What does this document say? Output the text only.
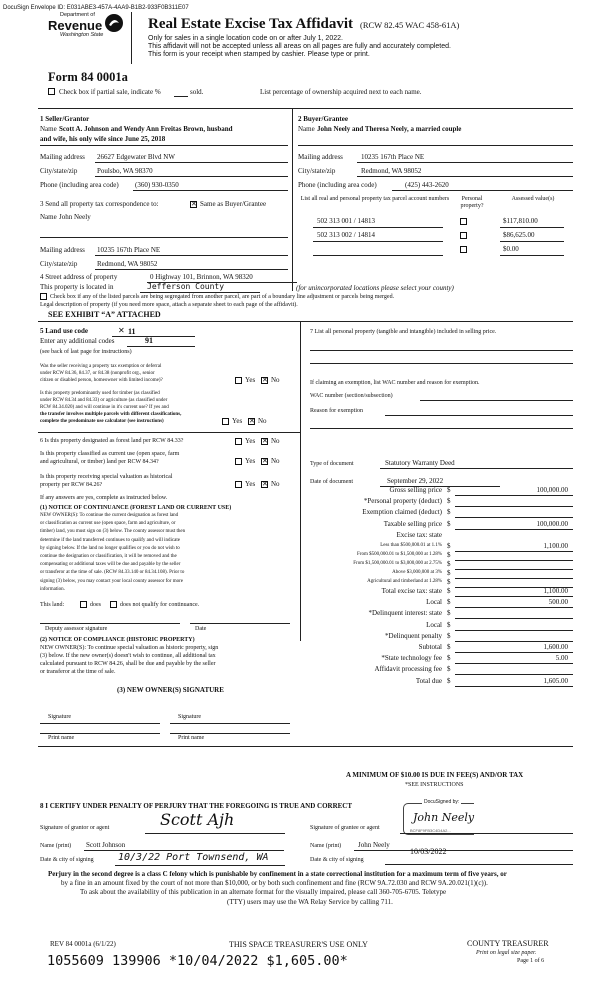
DocuSign Envelope ID: E031ABE3-457A-4AA9-B1B2-933F0B311E07
Department of
Revenue
Washington State
Real Estate Excise Tax Affidavit (RCW 82.45 WAC 458-61A)
Only for sales in a single location code on or after July 1, 2022.
This affidavit will not be accepted unless all areas on all pages are fully and accurately completed.
This form is your receipt when stamped by cashier. Please type or print.
Form 84 0001a
Check box if partial sale, indicate %	sold.	List percentage of ownership acquired next to each name.
1 Seller/Grantor
Name Scott A. Johnson and Wendy Ann Freitas Brown, husband
and wife, his only wife since June 25, 2018
Mailing address 26627 Edgewater Blvd NW
City/state/zip	Poulsbo, WA 98370
Phone (including area code) (360) 930-0350
2 Buyer/Grantee
Name John Neely and Theresa Neely, a married couple
Mailing address	10235 167th Place NE
City/state/zip	Redmond, WA 98052
Phone (including area code)	(425) 443-2620
3 Send all property tax correspondence to:	✕ Same as Buyer/Grantee
Name John Neely
Mailing address 10235 167th Place NE
City/state/zip	Redmond, WA 98052
List all real and personal property tax parcel account numbers	Personal property?
Assessed value(s)
502 313 001 / 14813	$117,810.00
502 313 002 / 14814	$86,625.00
$0.00
4 Street address of property	0 Highway 101, Brinnon, WA 98320
This property is located in	Jefferson County	(for unincorporated locations please select your county)
Check box if any of the listed parcels are being segregated from another parcel, are part of a boundary line adjustment or parcels being merged.
Legal description of property (if you need more space, attach a separate sheet to each page of the affidavit).
SEE EXHIBIT “A” ATTACHED
5 Land use code	✕ 11
Enter any additional codes	91
(see back of last page for instructions)
Was the seller receiving a property tax exemption or deferral
under RCW 84.36, 84.37, or 84.38 (nonprofit org., senior
citizen or disabled person, homeowner with limited income)?	Yes ✕ No
Is this property predominantly used for timber (as classified
under RCW 84.34 and 84.33) or agriculture (as classified under
RCW 84.34.020) and will continue in it's current use? If yes and
the transfer involves multiple parcels with different classifications,
complete the predominate use calculator (see instructions)	Yes ✕ No
6 Is this property designated as forest land per RCW 84.33?	Yes ✕ No
Is this property classified as current use (open space, farm
and agricultural, or timber) land per RCW 84.34?	Yes ✕ No
Is this property receiving special valuation as historical
property per RCW 84.26?	Yes ✕ No
If any answers are yes, complete as instructed below.
(1) NOTICE OF CONTINUANCE (FOREST LAND OR CURRENT USE)
NEW OWNER(S): To continue the current designation as forest land
or classification as current use (open space, farm and agriculture, or
timber) land, you must sign on (3) below. The county assessor must then
determine if the land transferred continues to qualify and will indicate
by signing below. If the land no longer qualifies or you do not wish to
continue the designation or classification, it will be removed and the
compensating or additional taxes will be due and payable by the seller
or transferor at the time of sale. (RCW 84.33.140 or 84.34.108). Prior to
signing (3) below, you may contact your local county assessor for more
information.
This land:	does	does not qualify for continuance.
Deputy assessor signature	Date
(2) NOTICE OF COMPLIANCE (HISTORIC PROPERTY)
NEW OWNER(S): To continue special valuation as historic property, sign
(3) below. If the new owner(s) doesn't wish to continue, all additional tax
calculated pursuant to RCW 84.26, shall be due and payable by the seller
or transferor at the time of sale.
(3) NEW OWNER(S) SIGNATURE
Signature	Signature
Print name	Print name
7 List all personal property (tangible and intangible) included in selling price.
If claiming an exemption, list WAC number and reason for exemption.
WAC number (section/subsection)
Reason for exemption
Type of document	Statutory Warranty Deed
Date of document	September 29, 2022
Gross selling price $	100,000.00
*Personal property (deduct) $
Exemption claimed (deduct) $
Taxable selling price $	100,000.00
Excise tax: state
Less than $500,000.01 at 1.1% $	1,100.00
From $500,000.01 to $1,500,000 at 1.28% $
From $1,500,000.01 to $3,000,000 at 2.75% $
Above $3,000,000 at 3% $
Agricultural and timberland at 1.28% $
Total excise tax: state $	1,100.00
Local $	500.00
*Delinquent interest: state $
Local $
*Delinquent penalty $
Subtotal $	1,600.00
*State technology fee $	5.00
Affidavit processing fee $
Total due $	1,605.00
A MINIMUM OF $10.00 IS DUE IN FEE(S) AND/OR TAX
*SEE INSTRUCTIONS
8 I CERTIFY UNDER PENALTY OF PERJURY THAT THE FOREGOING IS TRUE AND CORRECT
Signature of grantor or agent	Scott Ajh
Name (print) Scott Johnson
Date & city of signing 10/3/22 Port Townsend, WA
Signature of grantee or agent
DocuSigned by:
John Neely
BCF8F9FB3C4D4A2...
Name (print) John Neely
10/03/2022
Date & city of signing
Perjury in the second degree is a class C felony which is punishable by confinement in a state correctional institution for a maximum term of five years, or
by a fine in an amount fixed by the court of not more than $10,000, or by both such confinement and fine (RCW 9A.72.030 and RCW 9A.20.021(1)(c)).
To ask about the availability of this publication in an alternate format for the visually impaired, please call 360-705-6705. Teletype
(TTY) users may use the WA Relay Service by calling 711.
REV 84 0001a (6/1/22)	THIS SPACE TREASURER'S USE ONLY	COUNTY TREASURER
Print on legal size paper.
Page 1 of 6
1055609 139906 *10/04/2022 $1,605.00*
